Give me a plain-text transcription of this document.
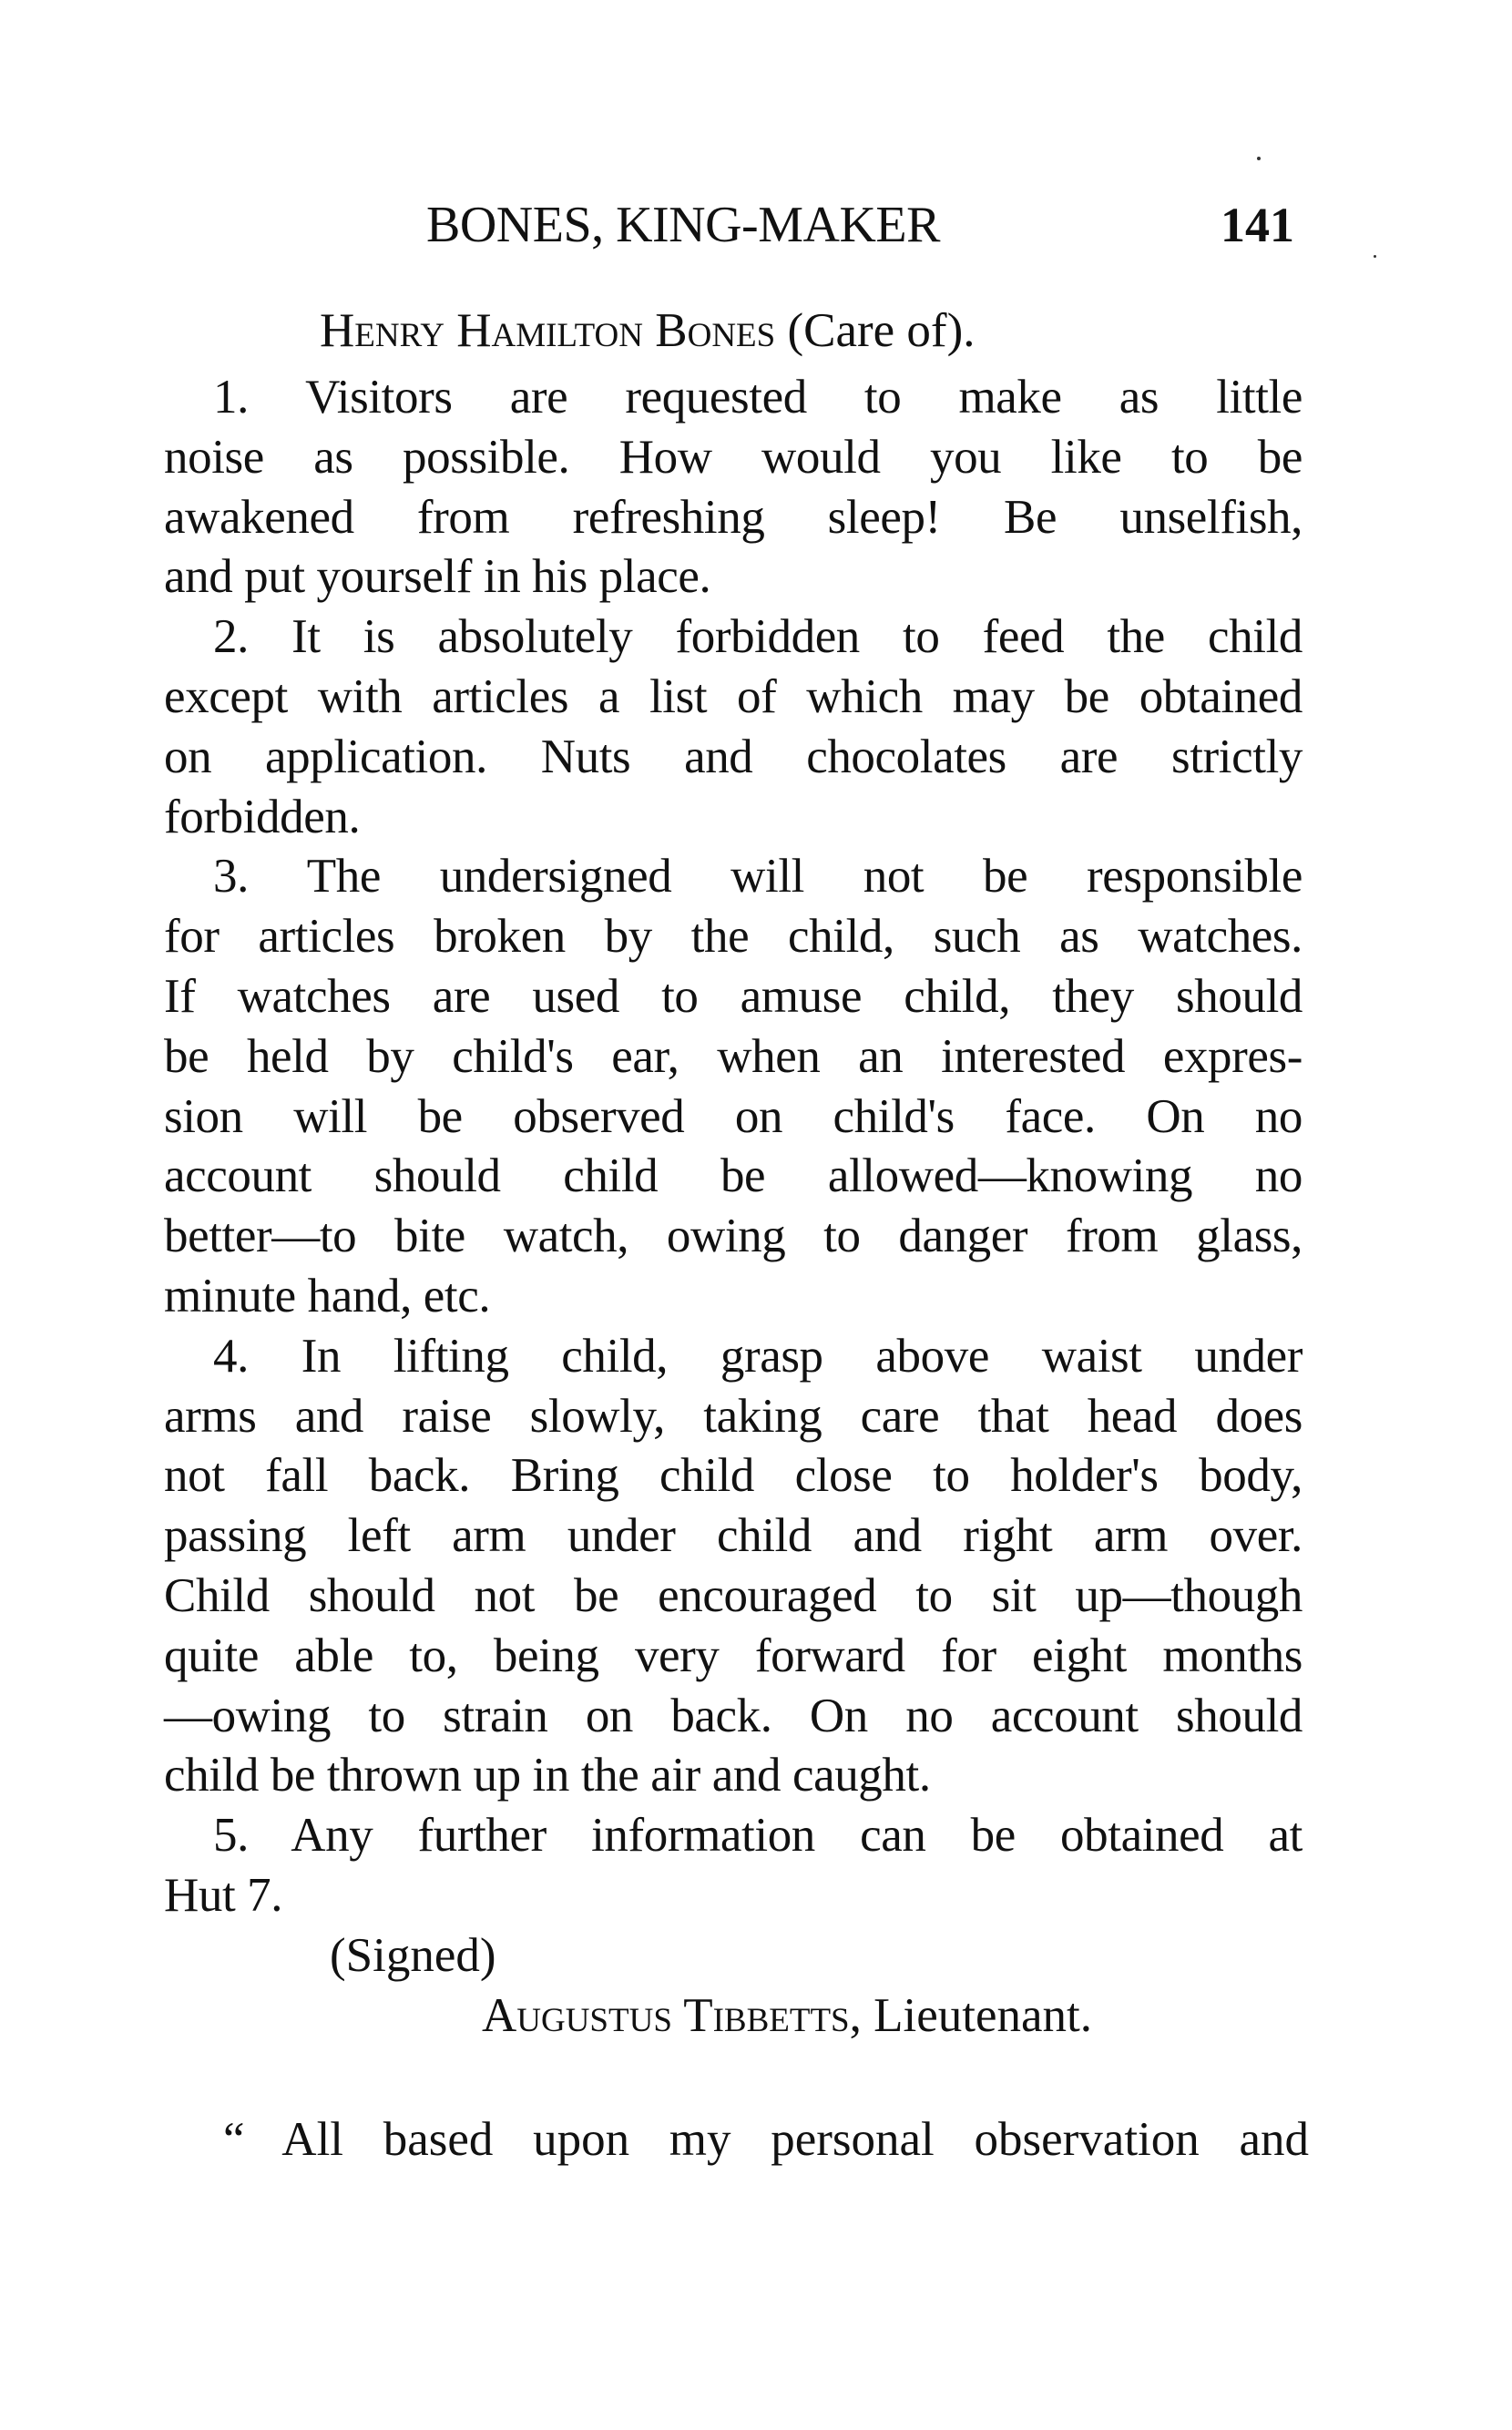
BONES, KING-MAKER	141
Henry Hamilton Bones (Care of).
1. Visitors are requested to make as little
noise as possible. How would you like to be
awakened from refreshing sleep! Be unselfish,
and put yourself in his place.
2. It is absolutely forbidden to feed the child
except with articles a list of which may be obtained
on application. Nuts and chocolates are strictly
forbidden.
3. The undersigned will not be responsible
for articles broken by the child, such as watches.
If watches are used to amuse child, they should
be held by child's ear, when an interested expres-
sion will be observed on child's face. On no
account should child be allowed—knowing no
better—to bite watch, owing to danger from glass,
minute hand, etc.
4. In lifting child, grasp above waist under
arms and raise slowly, taking care that head does
not fall back. Bring child close to holder's body,
passing left arm under child and right arm over.
Child should not be encouraged to sit up—though
quite able to, being very forward for eight months
—owing to strain on back. On no account should
child be thrown up in the air and caught.
5. Any further information can be obtained at
Hut 7.
(Signed)
Augustus Tibbetts, Lieutenant.
“ All based upon my personal observation and
